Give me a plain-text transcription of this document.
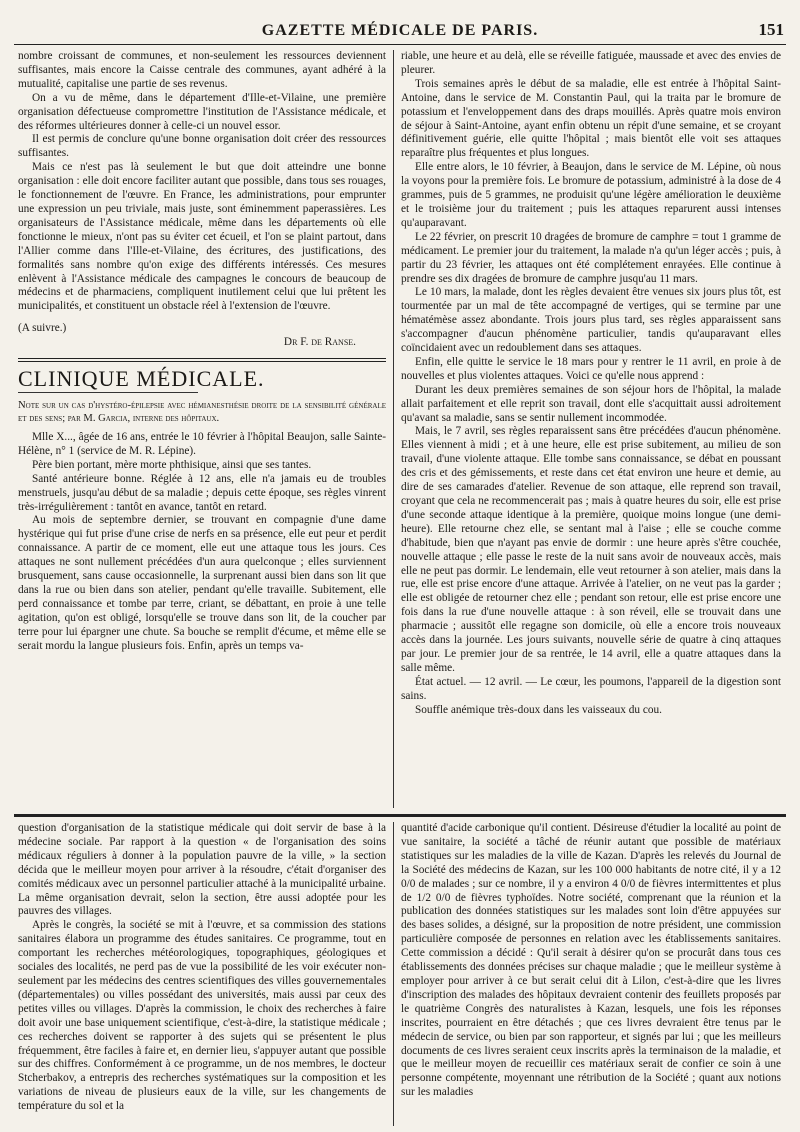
GAZETTE MÉDICALE DE PARIS.	151

nombre croissant de communes, et non-seulement les ressources deviennent suffisantes, mais encore la Caisse centrale des communes, ayant adhéré à la mutualité, capitalise une partie de ses revenus.

On a vu de même, dans le département d'Ille-et-Vilaine, une première organisation défectueuse compromettre l'institution de l'Assistance médicale, et des réformes ultérieures donner à celle-ci un nouvel essor.

Il est permis de conclure qu'une bonne organisation doit créer des ressources suffisantes.

Mais ce n'est pas là seulement le but que doit atteindre une bonne organisation : elle doit encore faciliter autant que possible, dans tous ses rouages, le fonctionnement de l'œuvre. En France, les administrations, pour emprunter une expression un peu triviale, mais juste, sont éminemment paperassières. Les organisateurs de l'Assistance médicale, même dans les départements où elle fonctionne le mieux, n'ont pas su éviter cet écueil, et l'on se plaint partout, dans l'Allier comme dans l'Ille-et-Vilaine, des écritures, des justifications, des formalités sans nombre qu'on exige des différents intéressés. Ces mesures enlèvent à l'Assistance médicale des campagnes le concours de beaucoup de médecins et de pharmaciens, compliquent inutilement celui que lui prêtent les municipalités, et constituent un obstacle réel à l'extension de l'œuvre.

(A suivre.)

Dr F. de Ranse.

CLINIQUE MÉDICALE.

Note sur un cas d'hystéro-épilepsie avec hémianesthésie droite de la sensibilité générale et des sens; par M. Garcia, interne des hôpitaux.

Mlle X..., âgée de 16 ans, entrée le 10 février à l'hôpital Beaujon, salle Sainte-Hélène, n° 1 (service de M. R. Lépine).

Père bien portant, mère morte phthisique, ainsi que ses tantes.

Santé antérieure bonne. Réglée à 12 ans, elle n'a jamais eu de troubles menstruels, jusqu'au début de sa maladie ; depuis cette époque, ses règles vinrent très-irrégulièrement : tantôt en avance, tantôt en retard.

Au mois de septembre dernier, se trouvant en compagnie d'une dame hystérique qui fut prise d'une crise de nerfs en sa présence, elle eut peur et perdit connaissance. A partir de ce moment, elle eut une attaque tous les jours. Ces attaques ne sont nullement précédées d'un aura quelconque ; elles surviennent brusquement, sans cause occasionnelle, la surprenant aussi bien dans son lit que dans la rue ou bien dans son atelier, pendant qu'elle travaille. Subitement, elle perd connaissance et tombe par terre, criant, se débattant, en proie à une telle agitation, qu'on est obligé, lorsqu'elle se trouve dans son lit, de la coucher par terre pour lui épargner une chute. Sa bouche se remplit d'écume, et même elle se serait mordu la langue plusieurs fois. Enfin, après un temps va-

riable, une heure et au delà, elle se réveille fatiguée, maussade et avec des envies de pleurer.

Trois semaines après le début de sa maladie, elle est entrée à l'hôpital Saint-Antoine, dans le service de M. Constantin Paul, qui la traita par le bromure de potassium et l'enveloppement dans des draps mouillés. Après quatre mois environ de séjour à Saint-Antoine, ayant enfin obtenu un répit d'une semaine, et se croyant définitivement guérie, elle quitte l'hôpital ; mais bientôt elle voit ses attaques reparaître plus fréquentes et plus longues.

Elle entre alors, le 10 février, à Beaujon, dans le service de M. Lépine, où nous la voyons pour la première fois. Le bromure de potassium, administré à la dose de 4 grammes, puis de 5 grammes, ne produisit qu'une légère amélioration le deuxième et le troisième jour du traitement ; puis les attaques reparurent aussi intenses qu'auparavant.

Le 22 février, on prescrit 10 dragées de bromure de camphre = tout 1 gramme de médicament. Le premier jour du traitement, la malade n'a qu'un léger accès ; puis, à partir du 23 février, les attaques ont été complétement enrayées. Elle continue à prendre ses dix dragées de bromure de camphre jusqu'au 11 mars.

Le 10 mars, la malade, dont les règles devaient être venues six jours plus tôt, est tourmentée par un mal de tête accompagné de vertiges, qui se termine par une hématémèse assez abondante. Trois jours plus tard, ses règles apparaissent sans s'accompagner d'aucun phénomène particulier, tandis qu'auparavant elles coïncidaient avec un redoublement dans ses attaques.

Enfin, elle quitte le service le 18 mars pour y rentrer le 11 avril, en proie à de nouvelles et plus violentes attaques. Voici ce qu'elle nous apprend :

Durant les deux premières semaines de son séjour hors de l'hôpital, la malade allait parfaitement et elle reprit son travail, dont elle s'acquittait aussi adroitement qu'avant sa maladie, sans se sentir nullement incommodée.

Mais, le 7 avril, ses règles reparaissent sans être précédées d'aucun phénomène. Elles viennent à midi ; et à une heure, elle est prise subitement, au milieu de son travail, d'une violente attaque. Elle tombe sans connaissance, se débat en poussant des cris et des gémissements, et reste dans cet état environ une heure et demie, au dire de ses camarades d'atelier. Revenue de son attaque, elle reprend son travail, croyant que cela ne recommencerait pas ; mais à quatre heures du soir, elle est prise d'une seconde attaque identique à la première, quoique moins longue (une demi-heure). Elle retourne chez elle, se sentant mal à l'aise ; elle se couche comme d'habitude, bien que n'ayant pas envie de dormir : une heure après s'être couchée, nouvelle attaque ; elle passe le reste de la nuit sans avoir de nouveaux accès, mais elle ne peut pas dormir. Le lendemain, elle veut retourner à son atelier, mais dans la rue, elle est prise encore d'une attaque. Arrivée à l'atelier, on ne veut pas la garder ; elle est obligée de retourner chez elle ; pendant son retour, elle est prise encore une fois dans la rue d'une nouvelle attaque : à son réveil, elle se trouvait dans une pharmacie ; aussitôt elle regagne son domicile, où elle a encore trois nouveaux accès dans la journée. Les jours suivants, nouvelle série de quatre à cinq attaques par jour. Le premier jour de sa rentrée, le 14 avril, elle a quatre attaques dans la salle même.

État actuel. — 12 avril. — Le cœur, les poumons, l'appareil de la digestion sont sains.

Souffle anémique très-doux dans les vaisseaux du cou.

question d'organisation de la statistique médicale qui doit servir de base à la médecine sociale. Par rapport à la question « de l'organisation des soins médicaux réguliers à donner à la population pauvre de la ville, » la section décida que le meilleur moyen pour arriver à la résoudre, c'était d'organiser des comités médicaux avec un personnel particulier attaché à la municipalité urbaine. La même organisation devrait, selon la section, être aussi adoptée pour les pauvres des villages.

Après le congrès, la société se mit à l'œuvre, et sa commission des stations sanitaires élabora un programme des études sanitaires. Ce programme, tout en comportant les recherches météorologiques, topographiques, géologiques et sociales des localités, ne perd pas de vue la possibilité de les voir exécuter non-seulement par les médecins des centres scientifiques des villes gouvernementales (départementales) ou villes possédant des universités, mais aussi par ceux des petites villes ou villages. D'après la commission, le choix des recherches à faire doit avoir une base uniquement scientifique, c'est-à-dire, la statistique médicale ; ces recherches doivent se rapporter à des sujets qui se présentent le plus fréquemment, être faciles à faire et, en dernier lieu, s'appuyer autant que possible sur des chiffres. Conformément à ce programme, un de nos membres, le docteur Stcherbakov, a entrepris des recherches systématiques sur la composition et les variations de niveau de plusieurs eaux de la ville, sur les changements de température du sol et la

quantité d'acide carbonique qu'il contient. Désireuse d'étudier la localité au point de vue sanitaire, la société a tâché de réunir autant que possible de matériaux statistiques sur les maladies de la ville de Kazan. D'après les relevés du Journal de la Société des médecins de Kazan, sur les 100 000 habitants de notre cité, il y a 12 0/0 de malades ; sur ce nombre, il y a environ 4 0/0 de fièvres intermittentes et plus de 1/2 0/0 de fièvres typhoïdes. Notre société, comprenant que la réunion et la publication des données statistiques sur les malades sont loin d'être appuyées sur des bases solides, a désigné, sur la proposition de notre président, une commission particulière composée de personnes en relation avec les établissements sanitaires. Cette commission a décidé : Qu'il serait à désirer qu'on se procurât dans tous ces établissements des données précises sur chaque maladie ; que le meilleur système à employer pour arriver à ce but serait celui dit à Lilon, c'est-à-dire que les livres d'inscription des malades des hôpitaux devraient contenir des feuillets proposés par le quatrième Congrès des naturalistes à Kazan, lesquels, une fois les réponses inscrites, pourraient en être détachés ; que ces livres devraient être tenus par le médecin de service, ou bien par son rapporteur, et signés par lui ; que les meilleurs documents de ces livres seraient ceux inscrits après la terminaison de la maladie, et que le meilleur moyen de recueillir ces matériaux serait de confier ce soin à une personne compétente, moyennant une rétribution de la Société ; quant aux notions sur les maladies
